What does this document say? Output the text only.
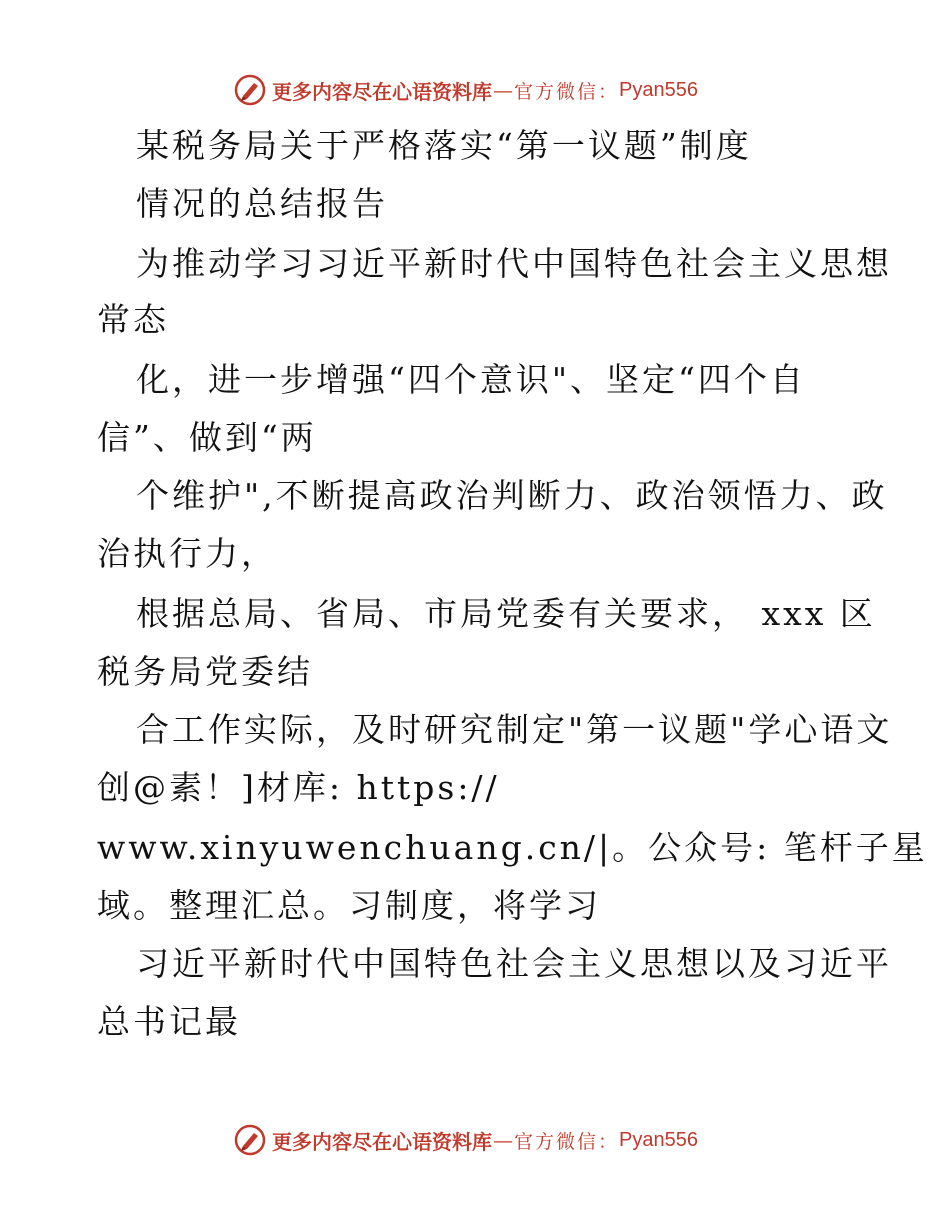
更多内容尽在心语资料库 — 官方微信： Pyan556

某税务局关于严格落实“第一议题”制度

情况的总结报告

为推动学习习近平新时代中国特色社会主义思想

常态

化，进一步增强“四个意识"、坚定“四个自

信”、做到“两

个维护",不断提高政治判断力、政治领悟力、政

治执行力，

根据总局、省局、市局党委有关要求， xxx 区

税务局党委结

合工作实际，及时研究制定"第一议题"学心语文

创@素！]材库: https://

www.xinyuwenchuang.cn/|。公众号: 笔杆子星

域。整理汇总。习制度，将学习

习近平新时代中国特色社会主义思想以及习近平

总书记最

更多内容尽在心语资料库 — 官方微信： Pyan556
